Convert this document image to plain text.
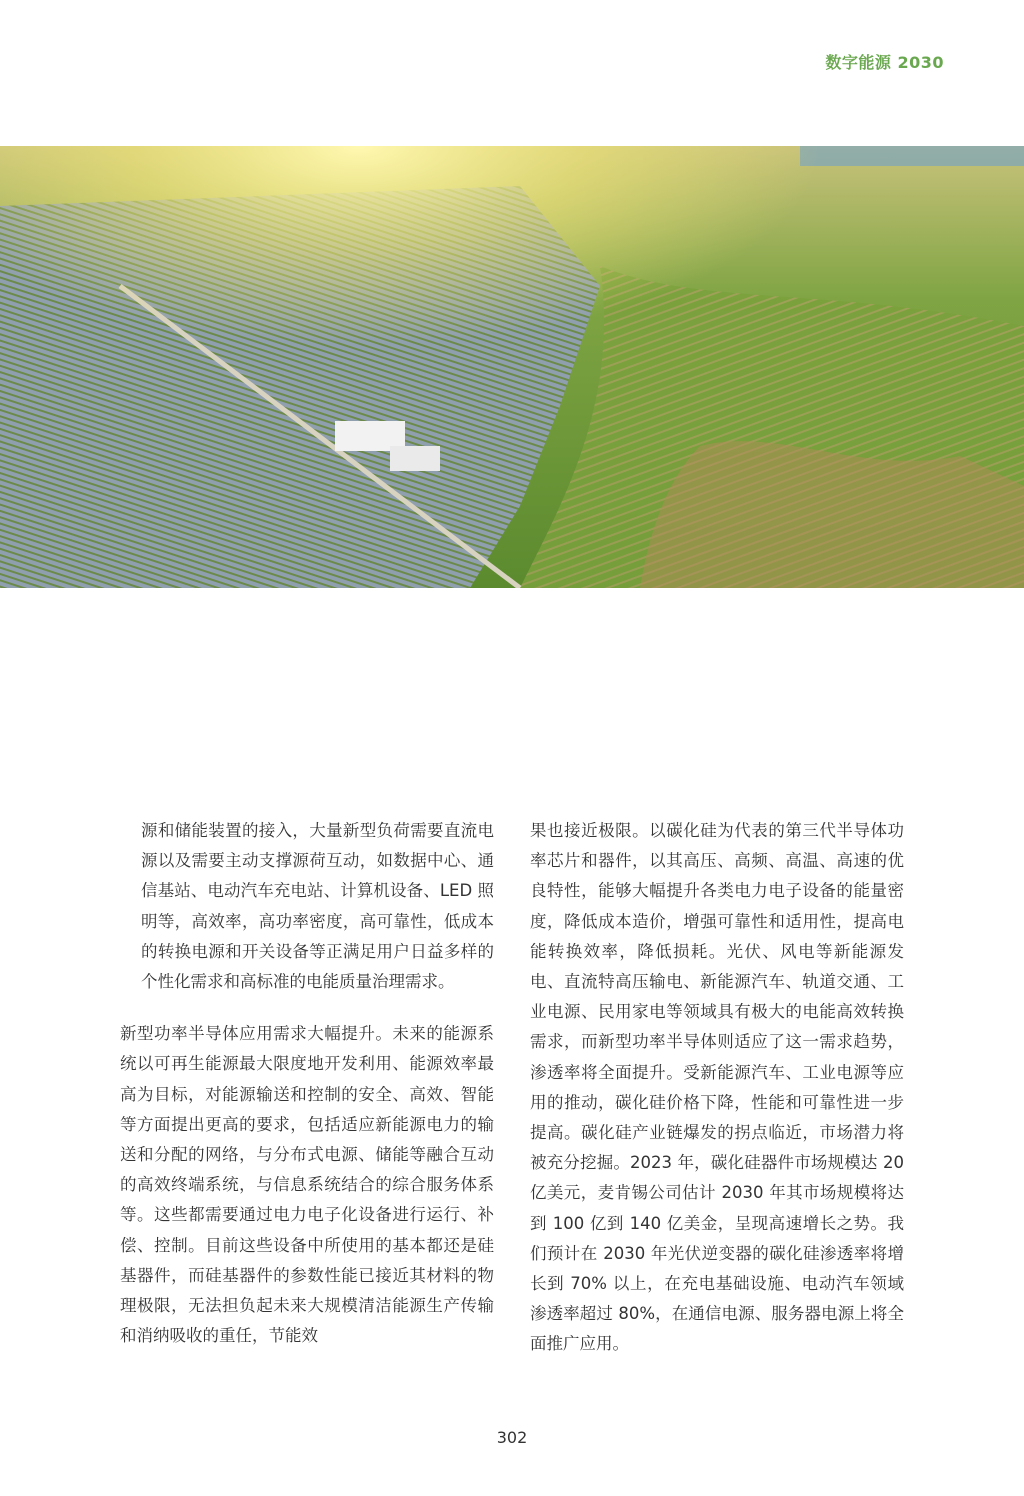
数字能源 2030

源和储能装置的接入，大量新型负荷需要直流电源以及需要主动支撑源荷互动，如数据中心、通信基站、电动汽车充电站、计算机设备、LED 照明等，高效率，高功率密度，高可靠性，低成本的转换电源和开关设备等正满足用户日益多样的个性化需求和高标准的电能质量治理需求。

新型功率半导体应用需求大幅提升。未来的能源系统以可再生能源最大限度地开发利用、能源效率最高为目标，对能源输送和控制的安全、高效、智能等方面提出更高的要求，包括适应新能源电力的输送和分配的网络，与分布式电源、储能等融合互动的高效终端系统，与信息系统结合的综合服务体系等。这些都需要通过电力电子化设备进行运行、补偿、控制。目前这些设备中所使用的基本都还是硅基器件，而硅基器件的参数性能已接近其材料的物理极限，无法担负起未来大规模清洁能源生产传输和消纳吸收的重任，节能效

果也接近极限。以碳化硅为代表的第三代半导体功率芯片和器件，以其高压、高频、高温、高速的优良特性，能够大幅提升各类电力电子设备的能量密度，降低成本造价，增强可靠性和适用性，提高电能转换效率，降低损耗。光伏、风电等新能源发电、直流特高压输电、新能源汽车、轨道交通、工业电源、民用家电等领域具有极大的电能高效转换需求，而新型功率半导体则适应了这一需求趋势，渗透率将全面提升。受新能源汽车、工业电源等应用的推动，碳化硅价格下降，性能和可靠性进一步提高。碳化硅产业链爆发的拐点临近，市场潜力将被充分挖掘。2023 年，碳化硅器件市场规模达 20 亿美元，麦肯锡公司估计 2030 年其市场规模将达到 100 亿到 140 亿美金，呈现高速增长之势。我们预计在 2030 年光伏逆变器的碳化硅渗透率将增长到 70% 以上，在充电基础设施、电动汽车领域渗透率超过 80%，在通信电源、服务器电源上将全面推广应用。

302
